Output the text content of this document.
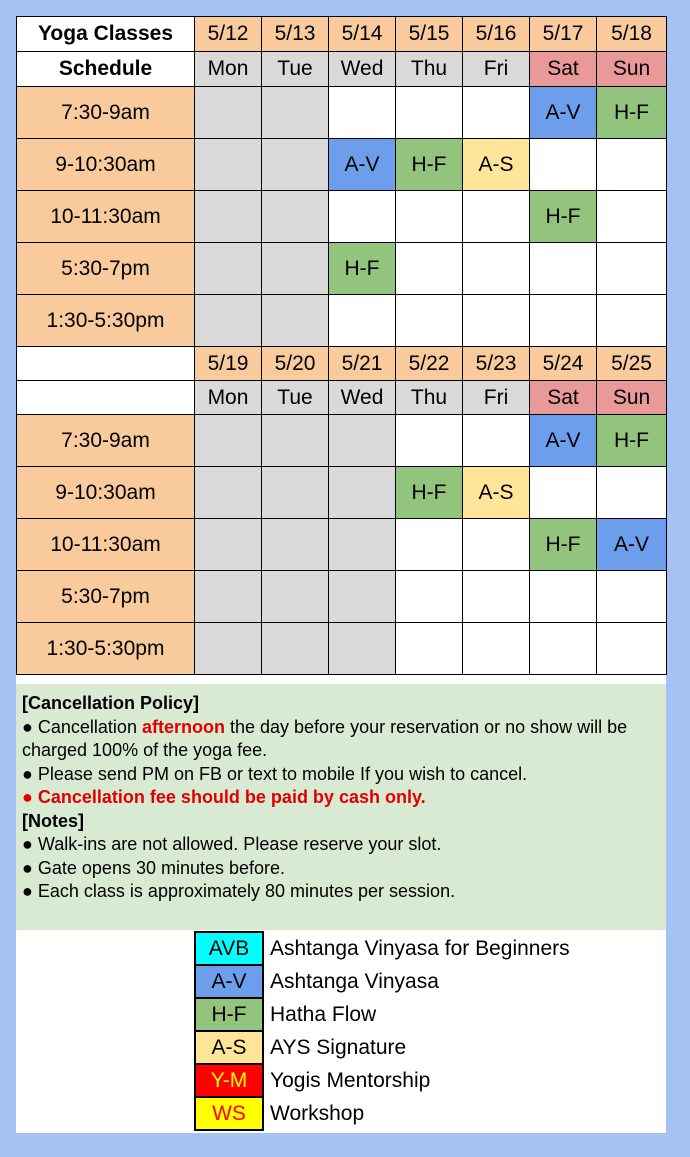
Yoga Classes	5/12	5/13	5/14	5/15	5/16	5/17	5/18
Schedule	Mon	Tue	Wed	Thu	Fri	Sat	Sun
7:30-9am						A-V	H-F
9-10:30am			A-V	H-F	A-S		
10-11:30am						H-F	
5:30-7pm			H-F				
1:30-5:30pm							
	5/19	5/20	5/21	5/22	5/23	5/24	5/25
	Mon	Tue	Wed	Thu	Fri	Sat	Sun
7:30-9am						A-V	H-F
9-10:30am				H-F	A-S		
10-11:30am						H-F	A-V
5:30-7pm							
1:30-5:30pm							
[Cancellation Policy]
● Cancellation afternoon the day before your reservation or no show will be charged 100% of the yoga fee.
● Please send PM on FB or text to mobile If you wish to cancel.
● Cancellation fee should be paid by cash only.
[Notes]
● Walk-ins are not allowed. Please reserve your slot.
● Gate opens 30 minutes before.
● Each class is approximately 80 minutes per session.
AVB	Ashtanga Vinyasa for Beginners
A-V	Ashtanga Vinyasa
H-F	Hatha Flow
A-S	AYS Signature
Y-M	Yogis Mentorship
WS	Workshop
